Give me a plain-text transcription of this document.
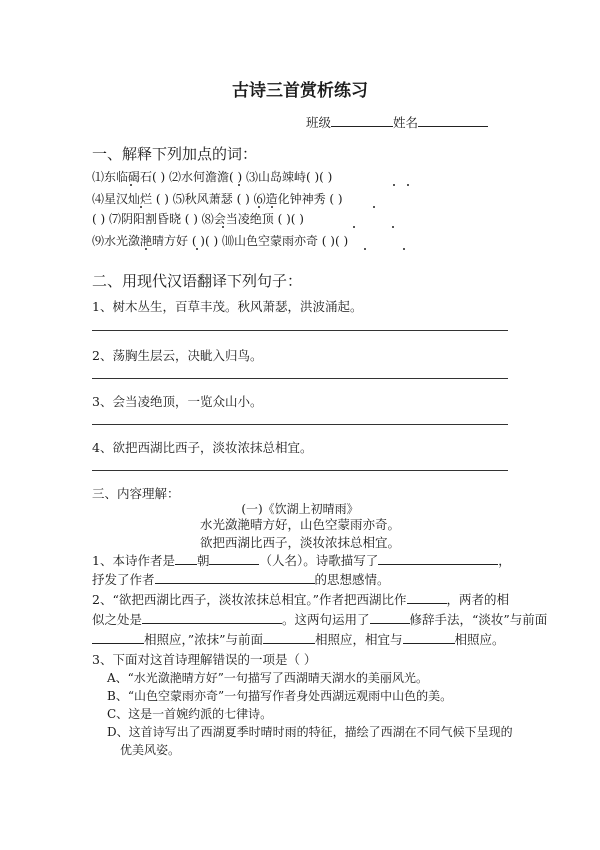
古诗三首赏析练习
班级	姓名
一、解释下列加点的词：
⑴东临碣石( ) ⑵水何澹澹( ) ⑶山岛竦峙( )( )
⑷星汉灿烂 ( ) ⑸秋风萧瑟 ( ) ⑹造化钟神秀 ( )
( ) ⑺阴阳割昏晓 ( ) ⑻会当凌绝顶 ( )( )
⑼水光潋滟晴方好 ( )( ) ⑽山色空蒙雨亦奇 ( )( )
二、用现代汉语翻译下列句子：
1、树木丛生，百草丰茂。秋风萧瑟，洪波涌起。
2、荡胸生层云，决眦入归鸟。
3、会当凌绝顶，一览众山小。
4、欲把西湖比西子，淡妆浓抹总相宜。
三、内容理解：
(一)《饮湖上初晴雨》
水光潋滟晴方好，山色空蒙雨亦奇。
欲把西湖比西子，淡妆浓抹总相宜。
1、本诗作者是 朝	（人名）。诗歌描写了	，
抒发了作者	的思想感情。
2、“欲把西湖比西子，淡妆浓抹总相宜。”作者把西湖比作	，两者的相
似之处是	。这两句运用了	修辞手法，“淡妆”与前面
相照应，”浓抹”与前面	相照应，相宜与	相照应。
3、下面对这首诗理解错误的一项是（ ）
A、“水光潋滟晴方好”一句描写了西湖晴天湖水的美丽风光。
B、“山色空蒙雨亦奇”一句描写作者身处西湖远观雨中山色的美。
C、这是一首婉约派的七律诗。
D、这首诗写出了西湖夏季时晴时雨的特征，描绘了西湖在不同气候下呈现的
优美风姿。
